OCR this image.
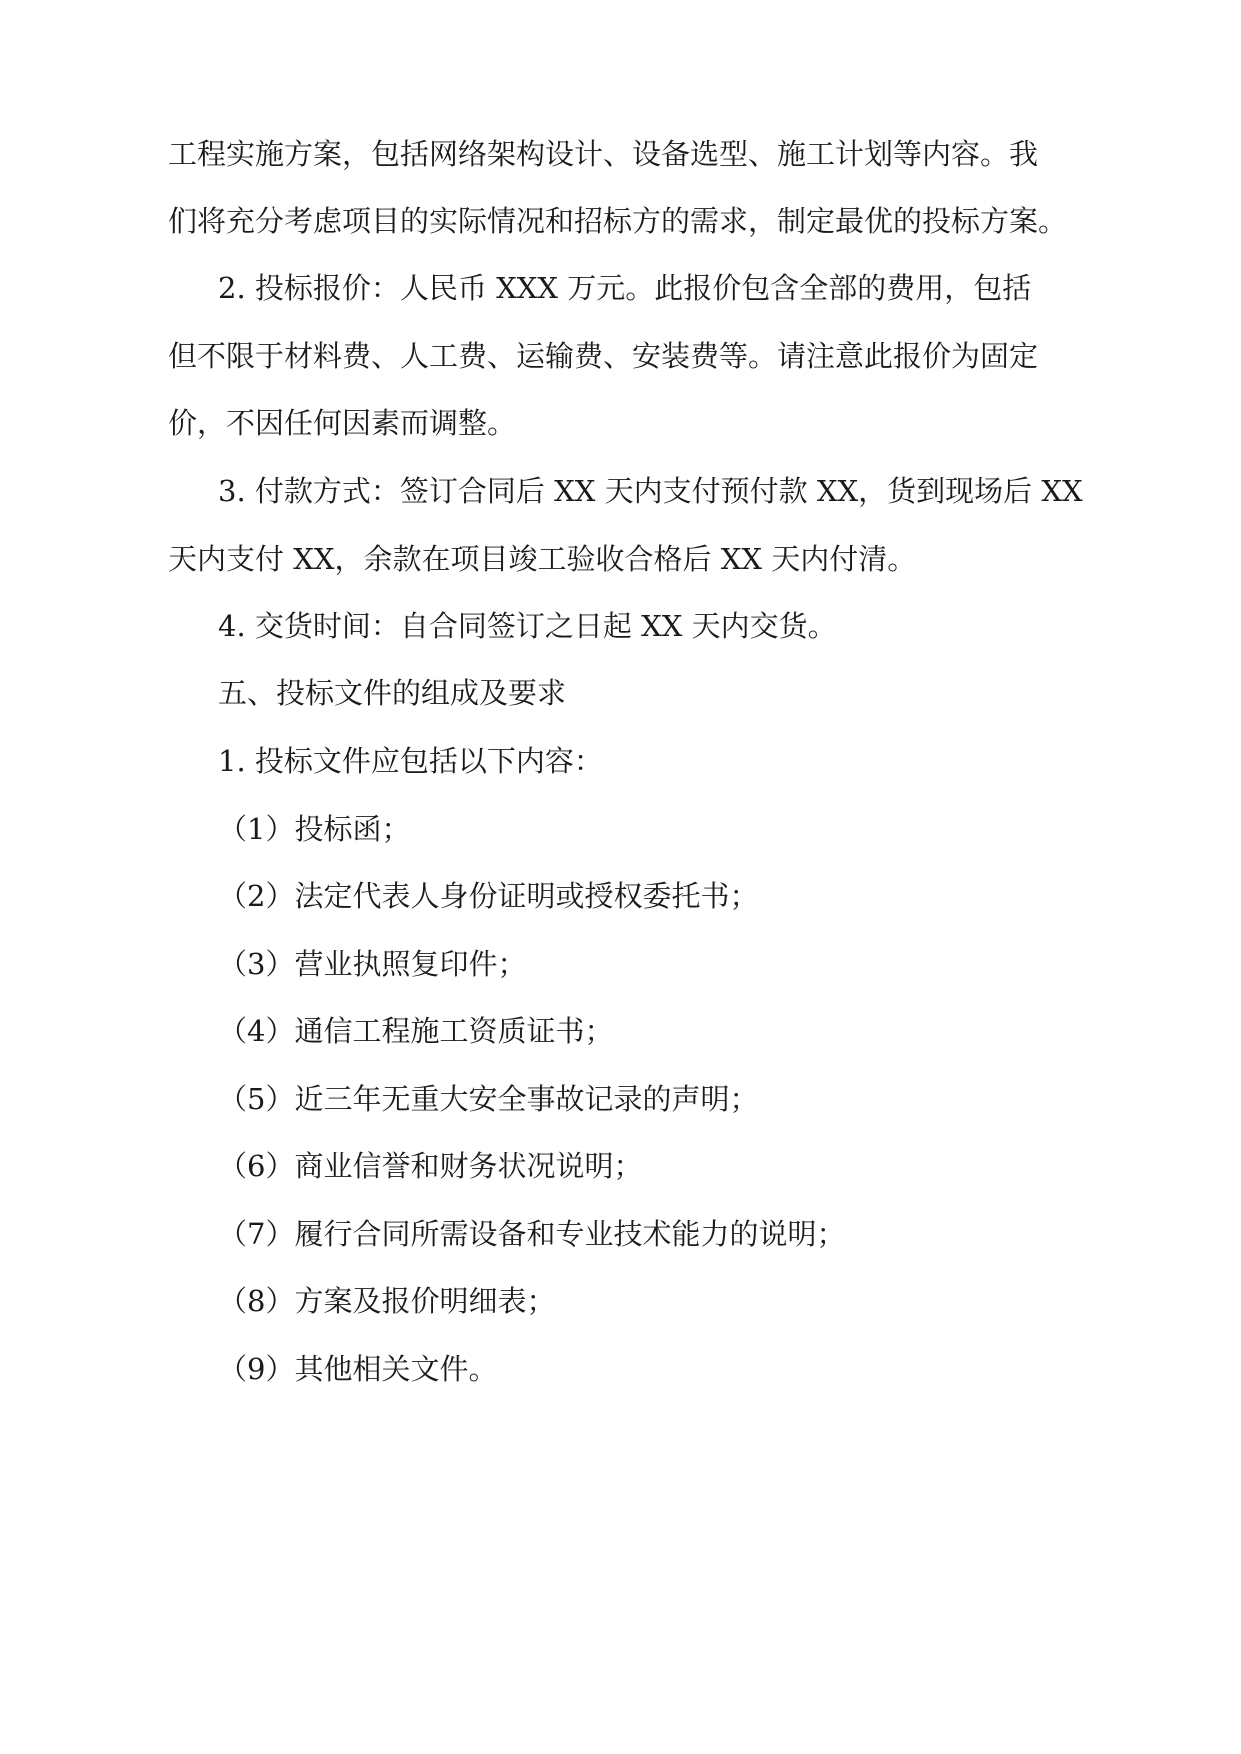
工程实施方案，包括网络架构设计、设备选型、施工计划等内容。我

们将充分考虑项目的实际情况和招标方的需求，制定最优的投标方案。

2. 投标报价：人民币 XXX 万元。此报价包含全部的费用，包括

但不限于材料费、人工费、运输费、安装费等。请注意此报价为固定

价，不因任何因素而调整。

3. 付款方式：签订合同后 XX 天内支付预付款 XX，货到现场后 XX

天内支付 XX，余款在项目竣工验收合格后 XX 天内付清。

4. 交货时间：自合同签订之日起 XX 天内交货。

五、投标文件的组成及要求

1. 投标文件应包括以下内容：

（1）投标函；

（2）法定代表人身份证明或授权委托书；

（3）营业执照复印件；

（4）通信工程施工资质证书；

（5）近三年无重大安全事故记录的声明；

（6）商业信誉和财务状况说明；

（7）履行合同所需设备和专业技术能力的说明；

（8）方案及报价明细表；

（9）其他相关文件。
